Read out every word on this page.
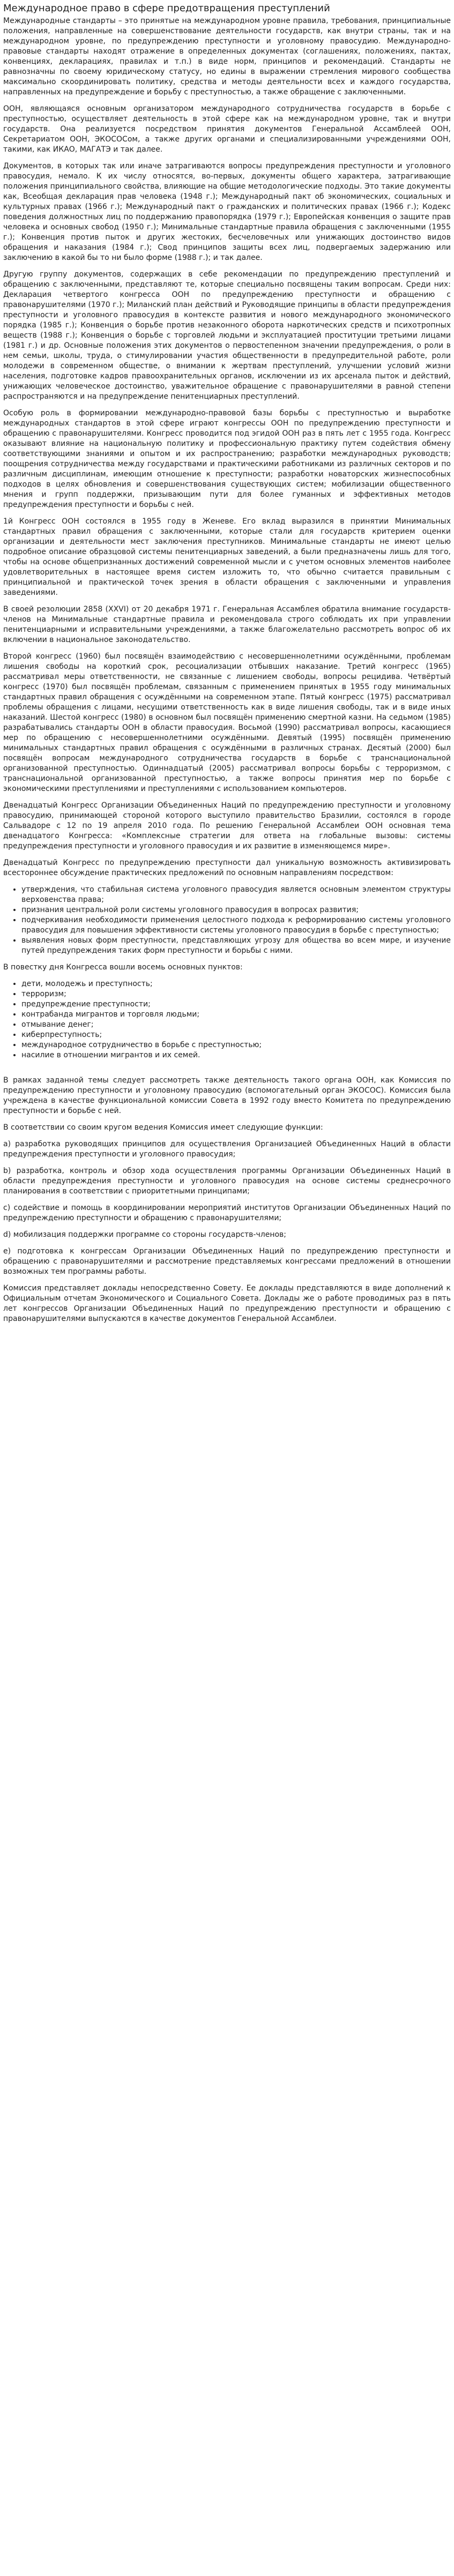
Международное право в сфере предотвращения преступлений

Международные стандарты – это принятые на международном уровне правила, требования, принципиальные положения, направленные на совершенствование деятельности государств, как внутри страны, так и на международном уровне, по предупреждению преступности и уголовному правосудию. Международно-правовые стандарты находят отражение в определенных документах (соглашениях, положениях, пактах, конвенциях, декларациях, правилах и т.п.) в виде норм, принципов и рекомендаций. Стандарты не равнозначны по своему юридическому статусу, но едины в выражении стремления мирового сообщества максимально скоординировать политику, средства и методы деятельности всех и каждого государства, направленных на предупреждение и борьбу с преступностью, а также обращение с заключенными.

ООН, являющаяся основным организатором международного сотрудничества государств в борьбе с преступностью, осуществляет деятельность в этой сфере как на международном уровне, так и внутри государств. Она реализуется посредством принятия документов Генеральной Ассамблеей ООН, Секретариатом ООН, ЭКОСОСом, а также других органами и специализированными учреждениями ООН, такими, как ИКАО, МАГАТЭ и так далее.

Документов, в которых так или иначе затрагиваются вопросы предупреждения преступности и уголовного правосудия, немало. К их числу относятся, во-первых, документы общего характера, затрагивающие положения принципиального свойства, влияющие на общие методологические подходы. Это такие документы как, Всеобщая декларация прав человека (1948 г.); Международный пакт об экономических, социальных и культурных правах (1966 г.); Международный пакт о гражданских и политических правах (1966 г.); Кодекс поведения должностных лиц по поддержанию правопорядка (1979 г.); Европейская конвенция о защите прав человека и основных свобод (1950 г.); Минимальные стандартные правила обращения с заключенными (1955 г.); Конвенция против пыток и других жестоких, бесчеловечных или унижающих достоинство видов обращения и наказания (1984 г.); Свод принципов защиты всех лиц, подвергаемых задержанию или заключению в какой бы то ни было форме (1988 г.); и так далее.

Другую группу документов, содержащих в себе рекомендации по предупреждению преступлений и обращению с заключенными, представляют те, которые специально посвящены таким вопросам. Среди них: Декларация четвертого конгресса ООН по предупреждению преступности и обращению с правонарушителями (1970 г.); Миланский план действий и Руководящие принципы в области предупреждения преступности и уголовного правосудия в контексте развития и нового международного экономического порядка (1985 г.); Конвенция о борьбе против незаконного оборота наркотических средств и психотропных веществ (1988 г.); Конвенция о борьбе с торговлей людьми и эксплуатацией проституции третьими лицами (1981 г.) и др. Основные положения этих документов о первостепенном значении предупреждения, о роли в нем семьи, школы, труда, о стимулировании участия общественности в предупредительной работе, роли молодежи в современном обществе, о внимании к жертвам преступлений, улучшении условий жизни населения, подготовке кадров правоохранительных органов, исключении из их арсенала пыток и действий, унижающих человеческое достоинство, уважительное обращение с правонарушителями в равной степени распространяются и на предупреждение пенитенциарных преступлений.

Особую роль в формировании международно-правовой базы борьбы с преступностью и выработке международных стандартов в этой сфере играют конгрессы ООН по предупреждению преступности и обращению с правонарушителями. Конгресс проводится под эгидой ООН раз в пять лет с 1955 года. Конгресс оказывают влияние на национальную политику и профессиональную практику путем содействия обмену соответствующими знаниями и опытом и их распространению; разработки международных руководств; поощрения сотрудничества между государствами и практическими работниками из различных секторов и по различным дисциплинам, имеющим отношение к преступности; разработки новаторских жизнеспособных подходов в целях обновления и совершенствования существующих систем; мобилизации общественного мнения и групп поддержки, призывающим пути для более гуманных и эффективных методов предупреждения преступности и борьбы с ней.

1й Конгресс ООН состоялся в 1955 году в Женеве. Его вклад выразился в принятии Минимальных стандартных правил обращения с заключенными, которые стали для государств критерием оценки организации и деятельности мест заключения преступников. Минимальные стандарты не имеют целью подробное описание образцовой системы пенитенциарных заведений, а были предназначены лишь для того, чтобы на основе общепризнанных достижений современной мысли и с учетом основных элементов наиболее удовлетворительных в настоящее время систем изложить то, что обычно считается правильным с принципиальной и практической точек зрения в области обращения с заключенными и управления заведениями.

В своей резолюции 2858 (XXVI) от 20 декабря 1971 г. Генеральная Ассамблея обратила внимание государств-членов на Минимальные стандартные правила и рекомендовала строго соблюдать их при управлении пенитенциарными и исправительными учреждениями, а также благожелательно рассмотреть вопрос об их включении в национальное законодательство.

Второй конгресс (1960) был посвящён взаимодействию с несовершеннолетними осуждёнными, проблемам лишения свободы на короткий срок, ресоциализации отбывших наказание. Третий конгресс (1965) рассматривал меры ответственности, не связанные с лишением свободы, вопросы рецидива. Четвёртый конгресс (1970) был посвящён проблемам, связанным с применением принятых в 1955 году минимальных стандартных правил обращения с осуждёнными на современном этапе. Пятый конгресс (1975) рассматривал проблемы обращения с лицами, несущими ответственность как в виде лишения свободы, так и в виде иных наказаний. Шестой конгресс (1980) в основном был посвящён применению смертной казни. На седьмом (1985) разрабатывались стандарты ООН в области правосудия. Восьмой (1990) рассматривал вопросы, касающиеся мер по обращению с несовершеннолетними осуждёнными. Девятый (1995) посвящён применению минимальных стандартных правил обращения с осуждёнными в различных странах. Десятый (2000) был посвящён вопросам международного сотрудничества государств в борьбе с транснациональной организованной преступностью. Одиннадцатый (2005) рассматривал вопросы борьбы с терроризмом, с транснациональной организованной преступностью, а также вопросы принятия мер по борьбе с экономическими преступлениями и преступлениями с использованием компьютеров.

Двенадцатый Конгресс Организации Объединенных Наций по предупреждению преступности и уголовному правосудию, принимающей стороной которого выступило правительство Бразилии, состоялся в городе Сальвадоре с 12 по 19 апреля 2010 года. По решению Генеральной Ассамблеи ООН основная тема двенадцатого Конгресса: «Комплексные стратегии для ответа на глобальные вызовы: системы предупреждения преступности и уголовного правосудия и их развитие в изменяющемся мире».

Двенадцатый Конгресс по предупреждению преступности дал уникальную возможность активизировать всестороннее обсуждение практических предложений по основным направлениям посредством:

• утверждения, что стабильная система уголовного правосудия является основным элементом структуры верховенства права;
• признания центральной роли системы уголовного правосудия в вопросах развития;
• подчеркивания необходимости применения целостного подхода к реформированию системы уголовного правосудия для повышения эффективности системы уголовного правосудия в борьбе с преступностью;
• выявления новых форм преступности, представляющих угрозу для общества во всем мире, и изучение путей предупреждения таких форм преступности и борьбы с ними.

В повестку дня Конгресса вошли восемь основных пунктов:

• дети, молодежь и преступность;
• терроризм;
• предупреждение преступности;
• контрабанда мигрантов и торговля людьми;
• отмывание денег;
• киберпреступность;
• международное сотрудничество в борьбе с преступностью;
• насилие в отношении мигрантов и их семей.

В рамках заданной темы следует рассмотреть также деятельность такого органа ООН, как Комиссия по предупреждению преступности и уголовному правосудию (вспомогательный орган ЭКОСОС). Комиссия была учреждена в качестве функциональной комиссии Совета в 1992 году вместо Комитета по предупреждению преступности и борьбе с ней.

В соответствии со своим кругом ведения Комиссия имеет следующие функции:

а) разработка руководящих принципов для осуществления Организацией Объединенных Наций в области предупреждения преступности и уголовного правосудия;

b) разработка, контроль и обзор хода осуществления программы Организации Объединенных Наций в области предупреждения преступности и уголовного правосудия на основе системы среднесрочного планирования в соответствии с приоритетными принципами;

с) содействие и помощь в координировании мероприятий институтов Организации Объединенных Наций по предупреждению преступности и обращению с правонарушителями;

d) мобилизация поддержки программе со стороны государств-членов;

е) подготовка к конгрессам Организации Объединенных Наций по предупреждению преступности и обращению с правонарушителями и рассмотрение представляемых конгрессами предложений в отношении возможных тем программы работы.

Комиссия представляет доклады непосредственно Совету. Ее доклады представляются в виде дополнений к Официальным отчетам Экономического и Социального Совета. Доклады же о работе проводимых раз в пять лет конгрессов Организации Объединенных Наций по предупреждению преступности и обращению с правонарушителями выпускаются в качестве документов Генеральной Ассамблеи.
